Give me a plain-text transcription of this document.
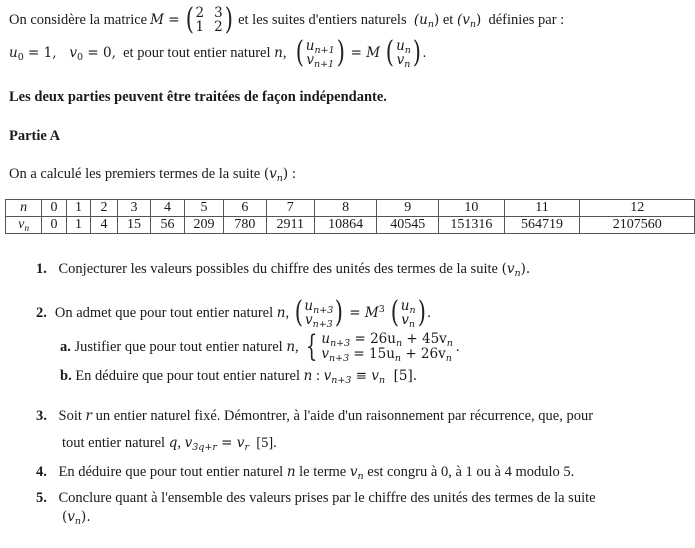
On considère la matrice M = ( 2 3
1 2 ) et les suites d'entiers naturels $(u_n)$ et $(v_n)$ définies par :
$u_0 = 1$, $v_0 = 0$, et pour tout entier naturel n , ( $u_{n+1}$
$v_{n+1}$ ) = M ( $u_n$
$v_n$ ) .
Les deux parties peuvent être traitées de façon indépendante.
Partie A
On a calculé les premiers termes de la suite $(v_n)$ :
n	0	1	2	3	4	5	6	7	8	9	10	11	12
$v_n$	0	1	4	15	56	209	780	2911	10864	40545	151316	564719	2107560
1. Conjecturer les valeurs possibles du chiffre des unités des termes de la suite $(v_n)$.
2. On admet que pour tout entier naturel n , ( $u_{n+3}$
$v_{n+3}$ ) = $M^3$ ( $u_n$
$v_n$ ) .
a. Justifier que pour tout entier naturel n , { $u_{n+3} = 26u_n + 45v_n$
$v_{n+3} = 15u_n + 26v_n$
.
b. En déduire que pour tout entier naturel n : $v_{n+3} \equiv v_n$  [5].
3. Soit r un entier naturel fixé. Démontrer, à l'aide d'un raisonnement par récurrence, que, pour
tout entier naturel q, $v_{3q+r} = v_r$  [5].
4. En déduire que pour tout entier naturel n le terme $v_n$ est congru à 0, à 1 ou à 4 modulo 5.
5. Conclure quant à l'ensemble des valeurs prises par le chiffre des unités des termes de la suite
$(v_n)$.
